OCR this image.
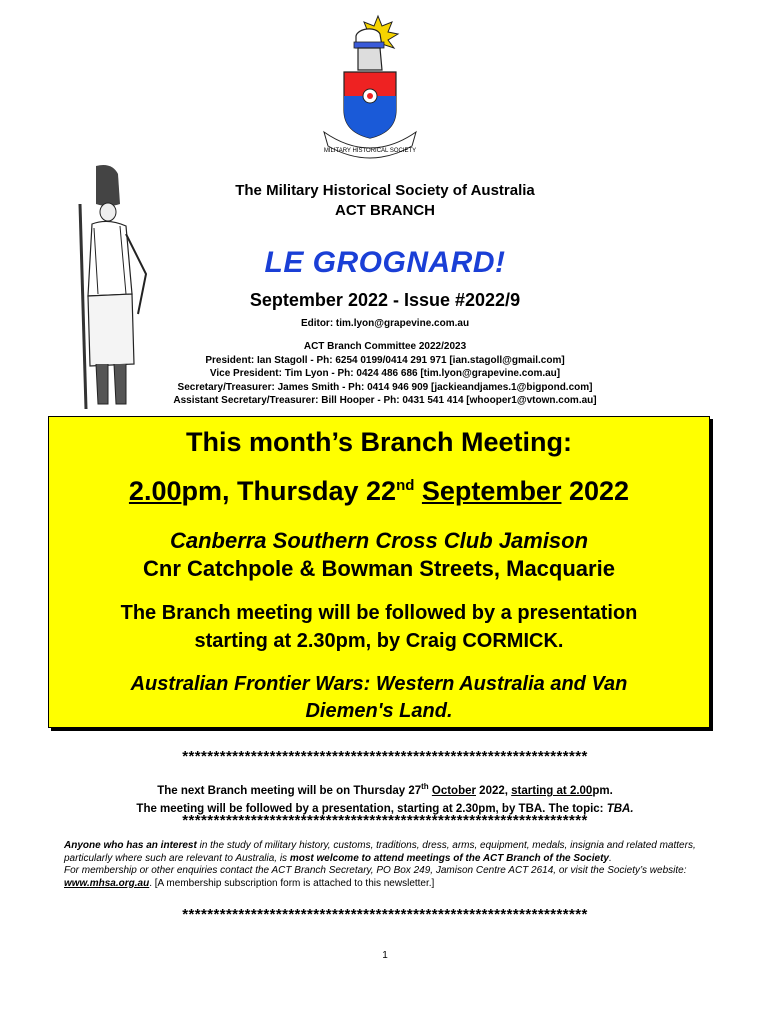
MILITARY HISTORICAL SOCIETY
The Military Historical Society of Australia
ACT BRANCH
LE GROGNARD!
September 2022 - Issue #2022/9
Editor: tim.lyon@grapevine.com.au
ACT Branch Committee 2022/2023
President: Ian Stagoll - Ph: 6254 0199/0414 291 971 [ian.stagoll@gmail.com]
Vice President: Tim Lyon - Ph: 0424 486 686 [tim.lyon@grapevine.com.au]
Secretary/Treasurer: James Smith - Ph: 0414 946 909 [jackieandjames.1@bigpond.com]
Assistant Secretary/Treasurer: Bill Hooper - Ph: 0431 541 414 [whooper1@vtown.com.au]
This month’s Branch Meeting:
2.00pm, Thursday 22nd September 2022
Canberra Southern Cross Club Jamison
Cnr Catchpole & Bowman Streets, Macquarie
The Branch meeting will be followed by a presentation
starting at 2.30pm, by Craig CORMICK.
Australian Frontier Wars: Western Australia and Van
Diemen's Land.
*****************************************************************
The next Branch meeting will be on Thursday 27th October 2022, starting at 2.00pm.
The meeting will be followed by a presentation, starting at 2.30pm, by TBA. The topic: TBA.
*****************************************************************
Anyone who has an interest in the study of military history, customs, traditions, dress, arms, equipment, medals, insignia and related matters, particularly where such are relevant to Australia, is most welcome to attend meetings of the ACT Branch of the Society.
For membership or other enquiries contact the ACT Branch Secretary, PO Box 249, Jamison Centre ACT 2614, or visit the Society’s website: www.mhsa.org.au. [A membership subscription form is attached to this newsletter.]
*****************************************************************
1
